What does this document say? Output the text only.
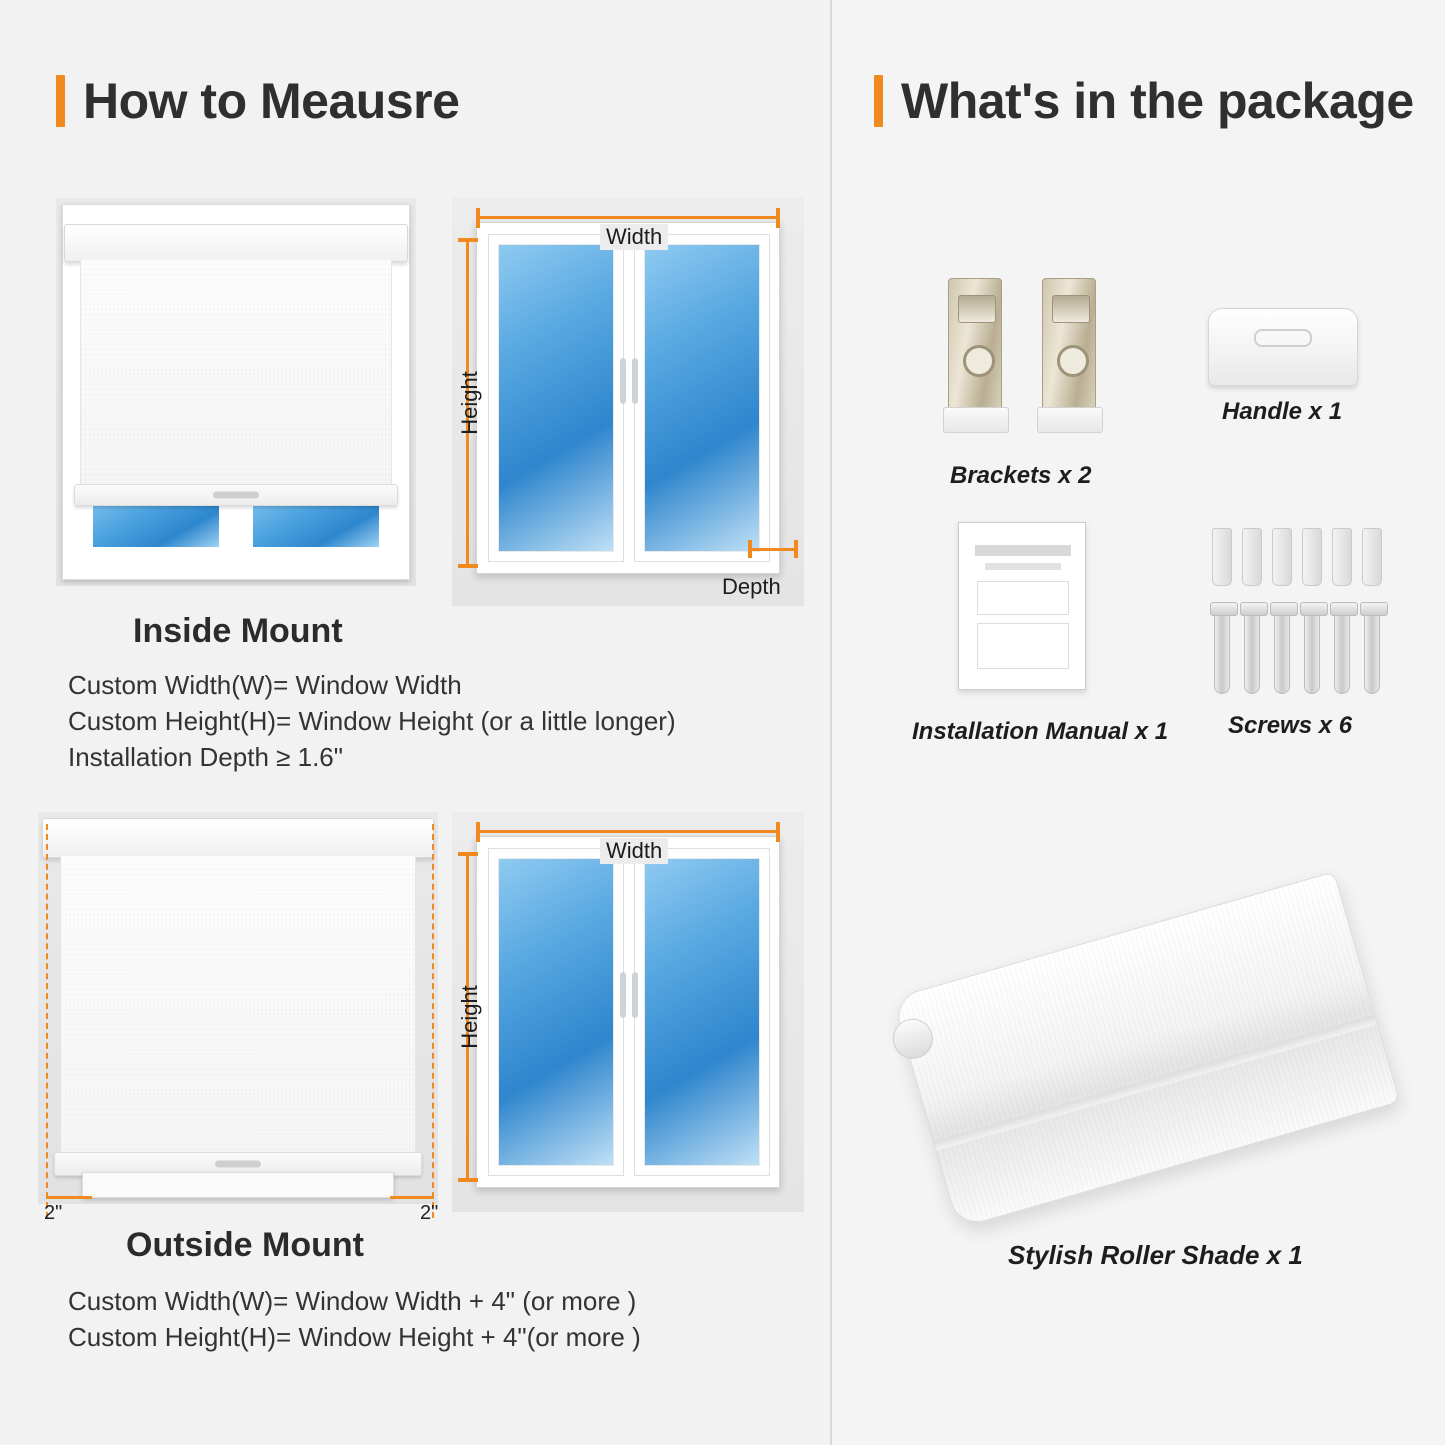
How to Meausre
Width
Height
Depth
Inside Mount
Custom Width(W)= Window Width
Custom Height(H)= Window Height (or a little longer)
Installation Depth ≥ 1.6"
2"	2"
Width
Height
Outside Mount
Custom Width(W)= Window Width + 4" (or more )
Custom Height(H)= Window Height + 4"(or more )
What's in the package
Brackets x 2
Handle x 1
Installation Manual x 1 Screws x 6
Stylish Roller Shade x 1
